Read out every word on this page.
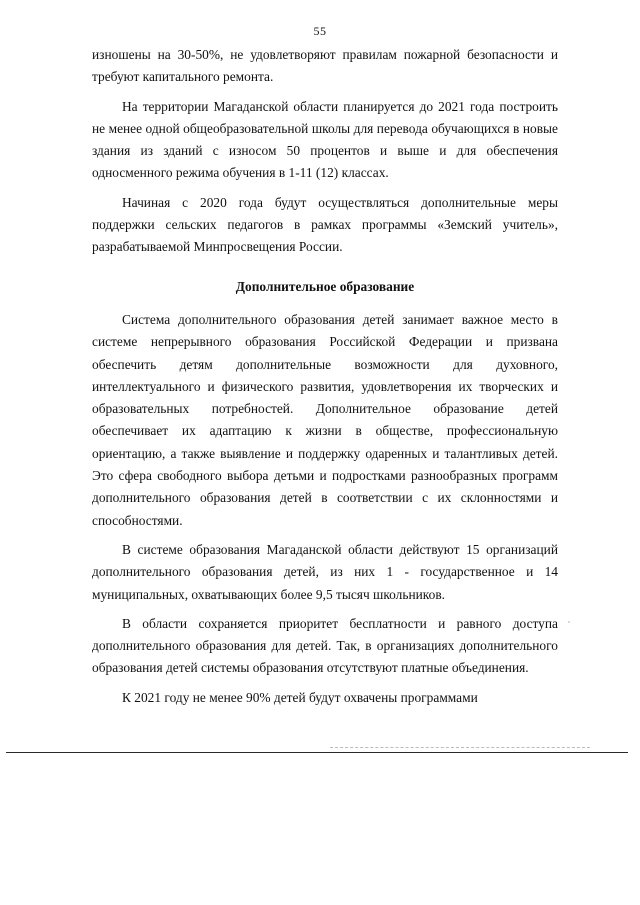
55

изношены на 30-50%, не удовлетворяют правилам пожарной безопасности и требуют капитального ремонта.

На территории Магаданской области планируется до 2021 года построить не менее одной общеобразовательной школы для перевода обучающихся в новые здания из зданий с износом 50 процентов и выше и для обеспечения односменного режима обучения в 1-11 (12) классах.

Начиная с 2020 года будут осуществляться дополнительные меры поддержки сельских педагогов в рамках программы «Земский учитель», разрабатываемой Минпросвещения России.

Дополнительное образование

Система дополнительного образования детей занимает важное место в системе непрерывного образования Российской Федерации и призвана обеспечить детям дополнительные возможности для духовного, интеллектуального и физического развития, удовлетворения их творческих и образовательных потребностей. Дополнительное образование детей обеспечивает их адаптацию к жизни в обществе, профессиональную ориентацию, а также выявление и поддержку одаренных и талантливых детей. Это сфера свободного выбора детьми и подростками разнообразных программ дополнительного образования детей в соответствии с их склонностями и способностями.

В системе образования Магаданской области действуют 15 организаций дополнительного образования детей, из них 1 - государственное и 14 муниципальных, охватывающих более 9,5 тысяч школьников.

В области сохраняется приоритет бесплатности и равного доступа дополнительного образования для детей. Так, в организациях дополнительного образования детей системы образования отсутствуют платные объединения.

К 2021 году не менее 90% детей будут охвачены программами
